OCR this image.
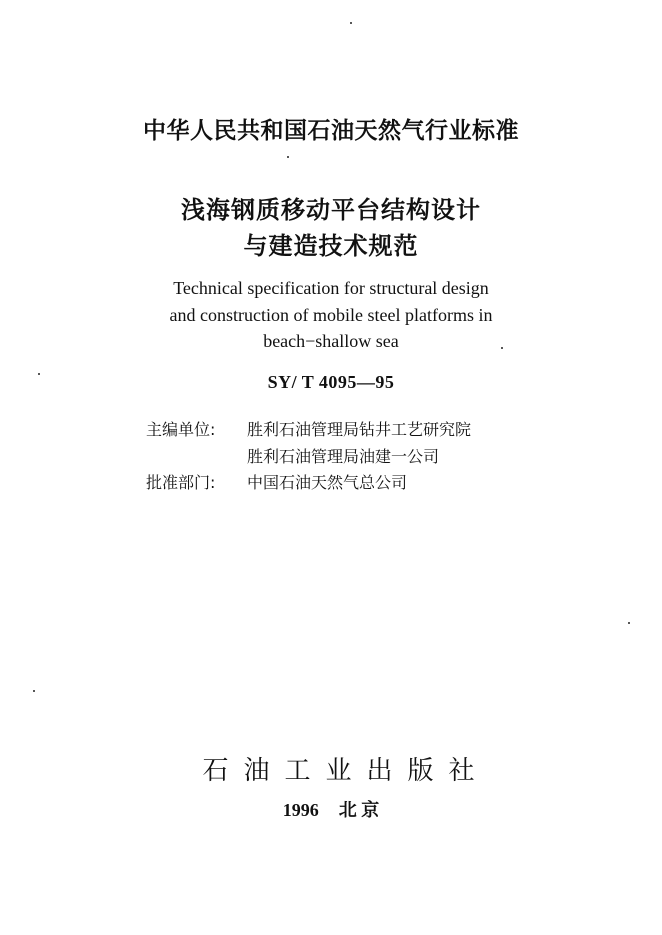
中华人民共和国石油天然气行业标准
浅海钢质移动平台结构设计
与建造技术规范
Technical specification for structural design
and construction of mobile steel platforms in
beach−shallow sea
SY/ T 4095—95
主编单位: 胜利石油管理局钻井工艺研究院
胜利石油管理局油建一公司
批准部门: 中国石油天然气总公司
石油工业出版社
1996 北 京
